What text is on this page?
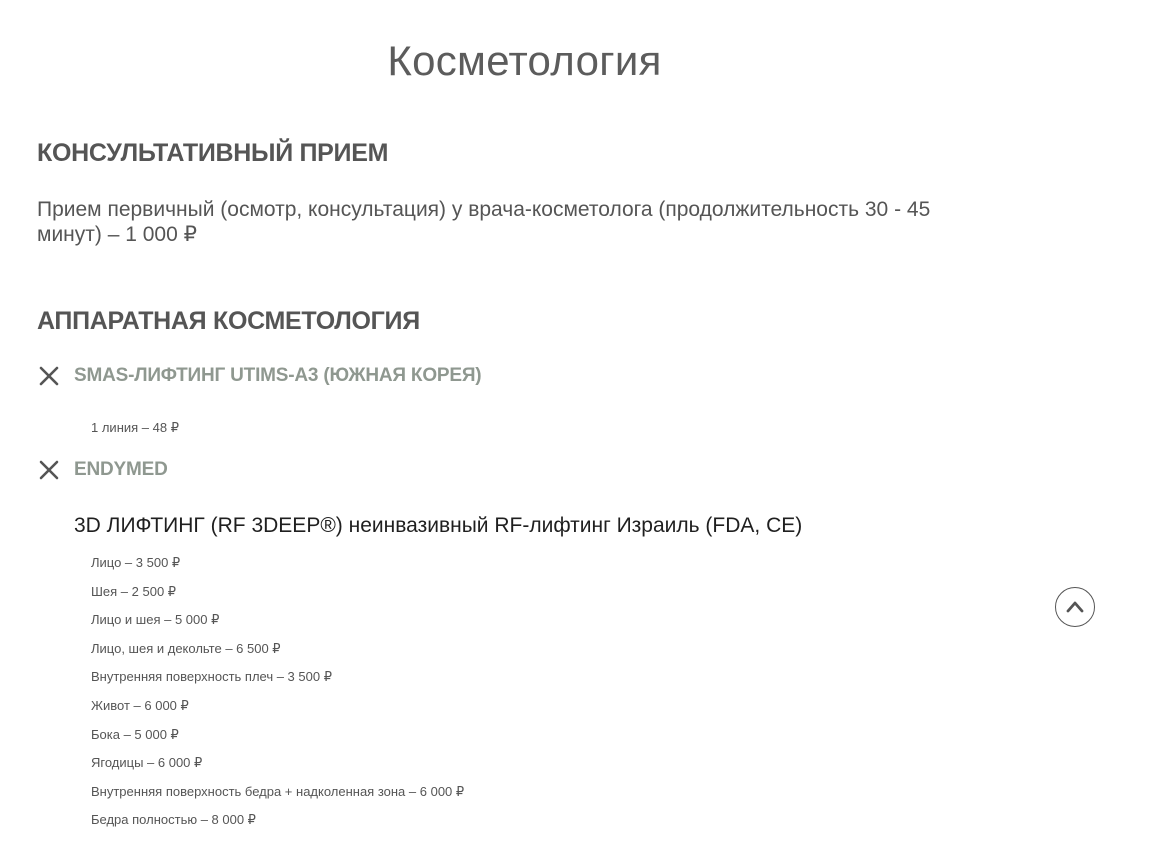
Косметология
КОНСУЛЬТАТИВНЫЙ ПРИЕМ

Прием первичный (осмотр, консультация) у врача-косметолога (продолжительность 30 - 45 минут) – 1 000 ₽

АППАРАТНАЯ КОСМЕТОЛОГИЯ
SMAS-ЛИФТИНГ UTIMS-A3 (ЮЖНАЯ КОРЕЯ)

1 линия – 48 ₽

ENDYMED
3D ЛИФТИНГ (RF 3DEEP®) неинвазивный RF-лифтинг Израиль (FDA, CE)
Лицо – 3 500 ₽
Шея – 2 500 ₽
Лицо и шея – 5 000 ₽
Лицо, шея и декольте – 6 500 ₽
Внутренняя поверхность плеч – 3 500 ₽
Живот – 6 000 ₽
Бока – 5 000 ₽
Ягодицы – 6 000 ₽
Внутренняя поверхность бедра + надколенная зона – 6 000 ₽
Бедра полностью – 8 000 ₽
